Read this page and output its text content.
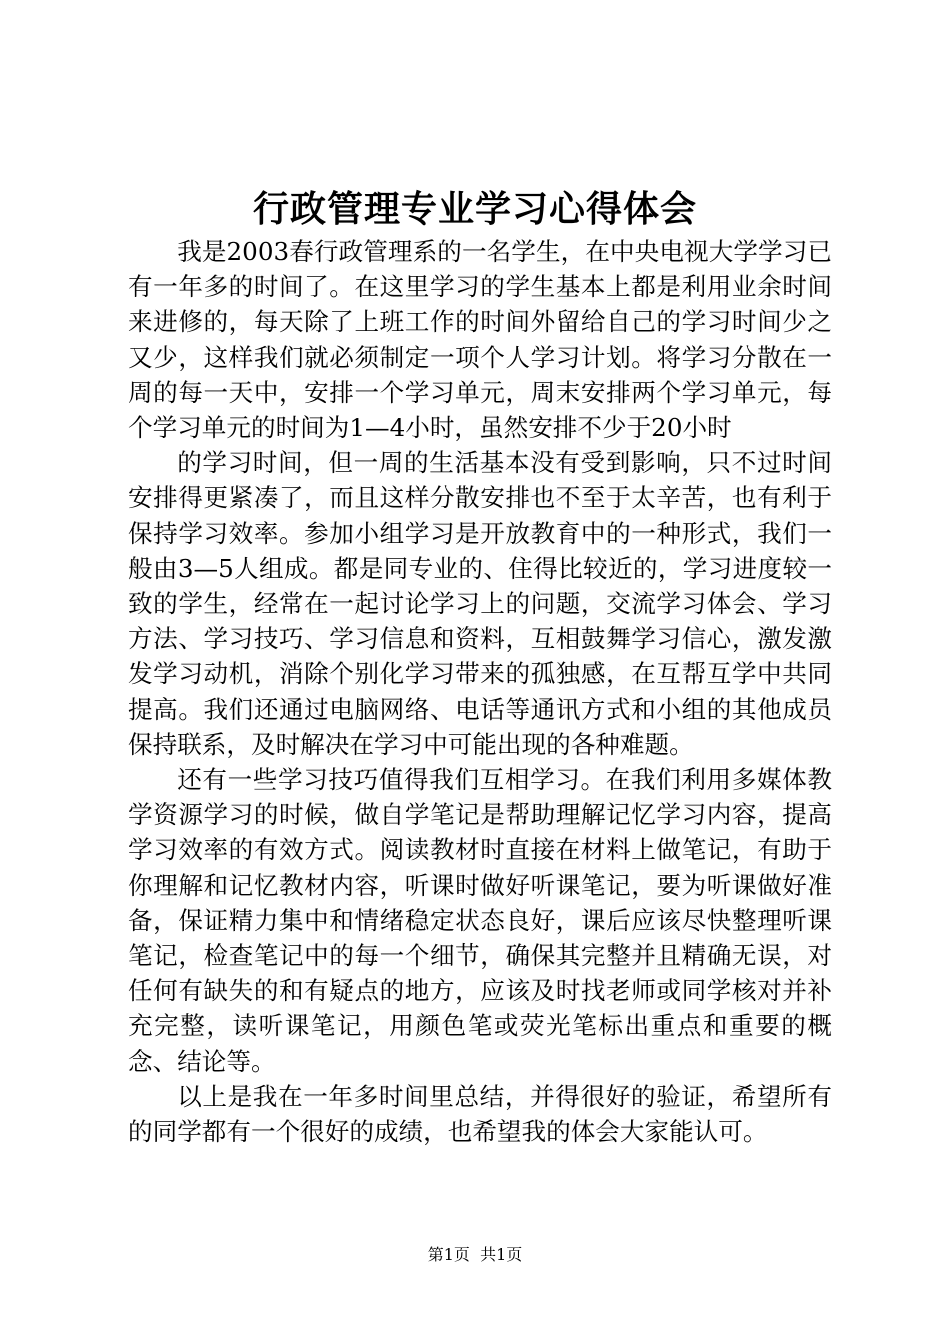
行政管理专业学习心得体会

我是2003春行政管理系的一名学生，在中央电视大学学习已有一年多的时间了。在这里学习的学生基本上都是利用业余时间来进修的，每天除了上班工作的时间外留给自己的学习时间少之又少，这样我们就必须制定一项个人学习计划。将学习分散在一周的每一天中，安排一个学习单元，周末安排两个学习单元，每个学习单元的时间为1—4小时，虽然安排不少于20小时

的学习时间，但一周的生活基本没有受到影响，只不过时间安排得更紧凑了，而且这样分散安排也不至于太辛苦，也有利于保持学习效率。参加小组学习是开放教育中的一种形式，我们一般由3—5人组成。都是同专业的、住得比较近的，学习进度较一致的学生，经常在一起讨论学习上的问题，交流学习体会、学习方法、学习技巧、学习信息和资料，互相鼓舞学习信心，激发激发学习动机，消除个别化学习带来的孤独感，在互帮互学中共同提高。我们还通过电脑网络、电话等通讯方式和小组的其他成员保持联系，及时解决在学习中可能出现的各种难题。

还有一些学习技巧值得我们互相学习。在我们利用多媒体教学资源学习的时候，做自学笔记是帮助理解记忆学习内容，提高学习效率的有效方式。阅读教材时直接在材料上做笔记，有助于你理解和记忆教材内容，听课时做好听课笔记，要为听课做好准备，保证精力集中和情绪稳定状态良好，课后应该尽快整理听课笔记，检查笔记中的每一个细节，确保其完整并且精确无误，对任何有缺失的和有疑点的地方，应该及时找老师或同学核对并补充完整，读听课笔记，用颜色笔或荧光笔标出重点和重要的概念、结论等。

以上是我在一年多时间里总结，并得很好的验证，希望所有的同学都有一个很好的成绩，也希望我的体会大家能认可。

第1页  共1页
